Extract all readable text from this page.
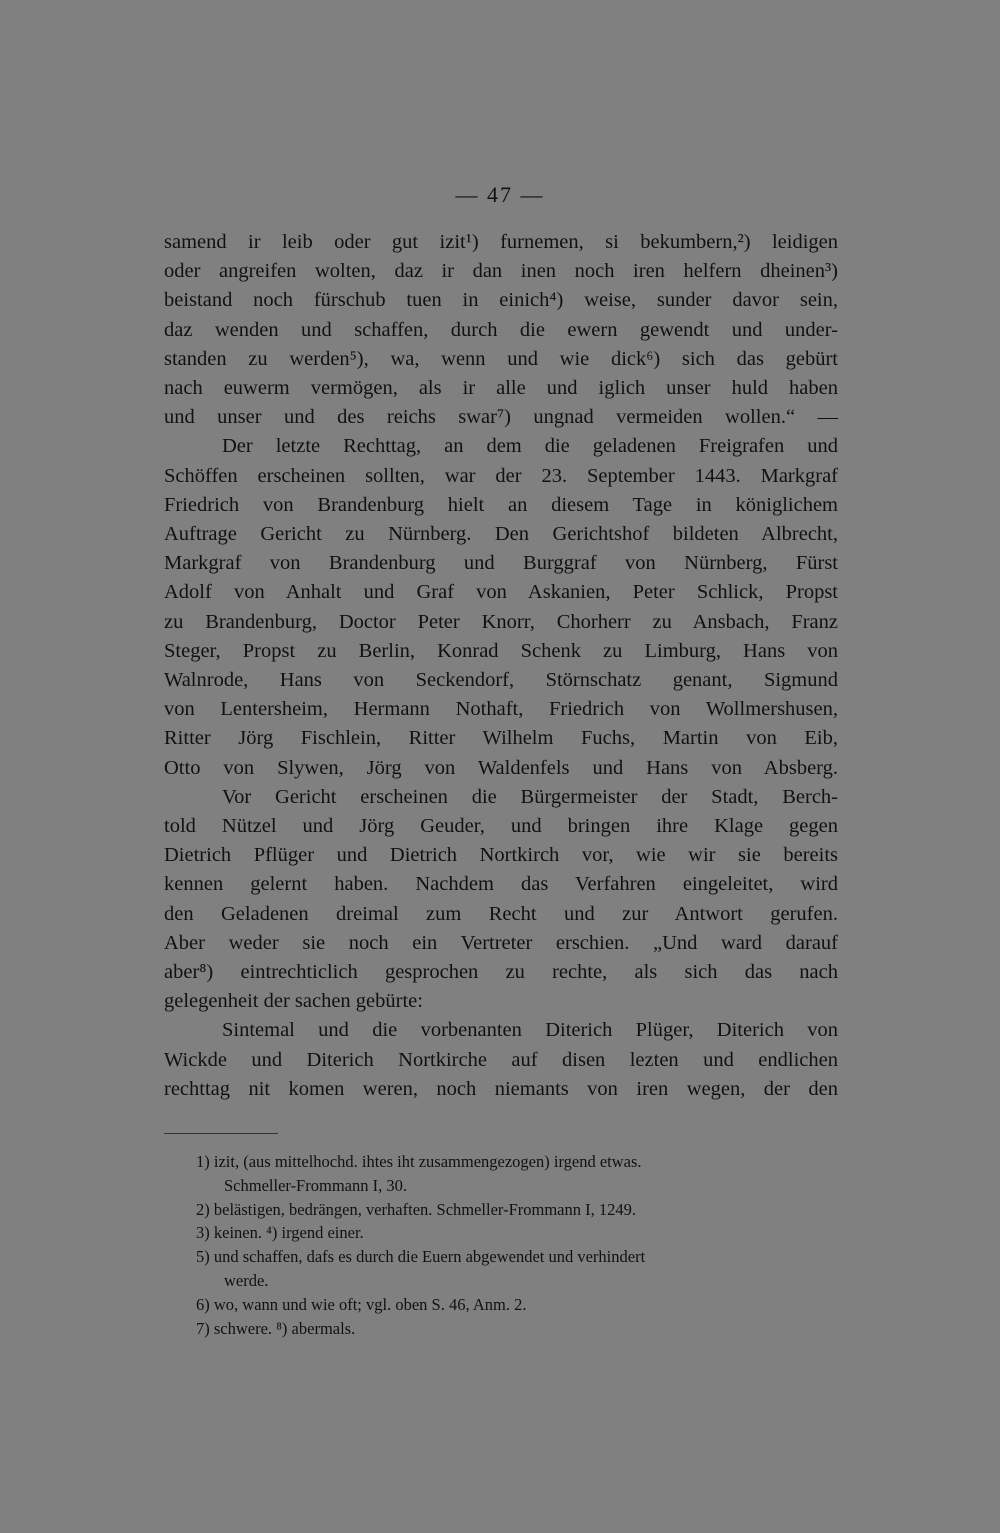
— 47 —

samend ir leib oder gut izit¹) furnemen, si bekumbern,²) leidigen

oder angreifen wolten, daz ir dan inen noch iren helfern dheinen³)

beistand noch fürschub tuen in einich⁴) weise, sunder davor sein,

daz wenden und schaffen, durch die ewern gewendt und under-

standen zu werden⁵), wa, wenn und wie dick⁶) sich das gebürt

nach euwerm vermögen, als ir alle und iglich unser huld haben

und unser und des reichs swar⁷) ungnad vermeiden wollen.“ —

Der letzte Rechttag, an dem die geladenen Freigrafen und

Schöffen erscheinen sollten, war der 23. September 1443. Markgraf

Friedrich von Brandenburg hielt an diesem Tage in königlichem

Auftrage Gericht zu Nürnberg. Den Gerichtshof bildeten Albrecht,

Markgraf von Brandenburg und Burggraf von Nürnberg, Fürst

Adolf von Anhalt und Graf von Askanien, Peter Schlick, Propst

zu Brandenburg, Doctor Peter Knorr, Chorherr zu Ansbach, Franz

Steger, Propst zu Berlin, Konrad Schenk zu Limburg, Hans von

Walnrode, Hans von Seckendorf, Störnschatz genant, Sigmund

von Lentersheim, Hermann Nothaft, Friedrich von Wollmershusen,

Ritter Jörg Fischlein, Ritter Wilhelm Fuchs, Martin von Eib,

Otto von Slywen, Jörg von Waldenfels und Hans von Absberg.

Vor Gericht erscheinen die Bürgermeister der Stadt, Berch-

told Nützel und Jörg Geuder, und bringen ihre Klage gegen

Dietrich Pflüger und Dietrich Nortkirch vor, wie wir sie bereits

kennen gelernt haben. Nachdem das Verfahren eingeleitet, wird

den Geladenen dreimal zum Recht und zur Antwort gerufen.

Aber weder sie noch ein Vertreter erschien. „Und ward darauf

aber⁸) eintrechticlich gesprochen zu rechte, als sich das nach

gelegenheit der sachen gebürte:

Sintemal und die vorbenanten Diterich Plüger, Diterich von

Wickde und Diterich Nortkirche auf disen lezten und endlichen

rechttag nit komen weren, noch niemants von iren wegen, der den

1) izit, (aus mittelhochd. ihtes iht zusammengezogen) irgend etwas.
Schmeller-Frommann I, 30.
2) belästigen, bedrängen, verhaften. Schmeller-Frommann I, 1249.
3) keinen. ⁴) irgend einer.
5) und schaffen, dafs es durch die Euern abgewendet und verhindert
werde.
6) wo, wann und wie oft; vgl. oben S. 46, Anm. 2.
7) schwere. ⁸) abermals.
